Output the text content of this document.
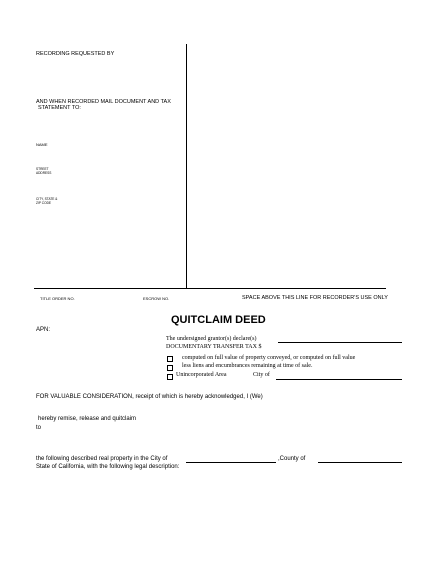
RECORDING REQUESTED BY
AND WHEN RECORDED MAIL DOCUMENT AND TAX
STATEMENT TO:
NAME
STREET
ADDRESS
CITY, STATE &
ZIP CODE
TITLE ORDER NO.	ESCROW NO.	SPACE ABOVE THIS LINE FOR RECORDER'S USE ONLY
QUITCLAIM DEED
APN:
The undersigned grantor(s) declare(s)
DOCUMENTARY TRANSFER TAX $
computed on full value of property conveyed, or computed on full value
less liens and encumbrances remaining at time of sale.
Unincorporated Area	City of
FOR VALUABLE CONSIDERATION, receipt of which is hereby acknowledged, I (We)
hereby remise, release and quitclaim
to
the following described real property in the City of	,County of
State of California, with the following legal description:
